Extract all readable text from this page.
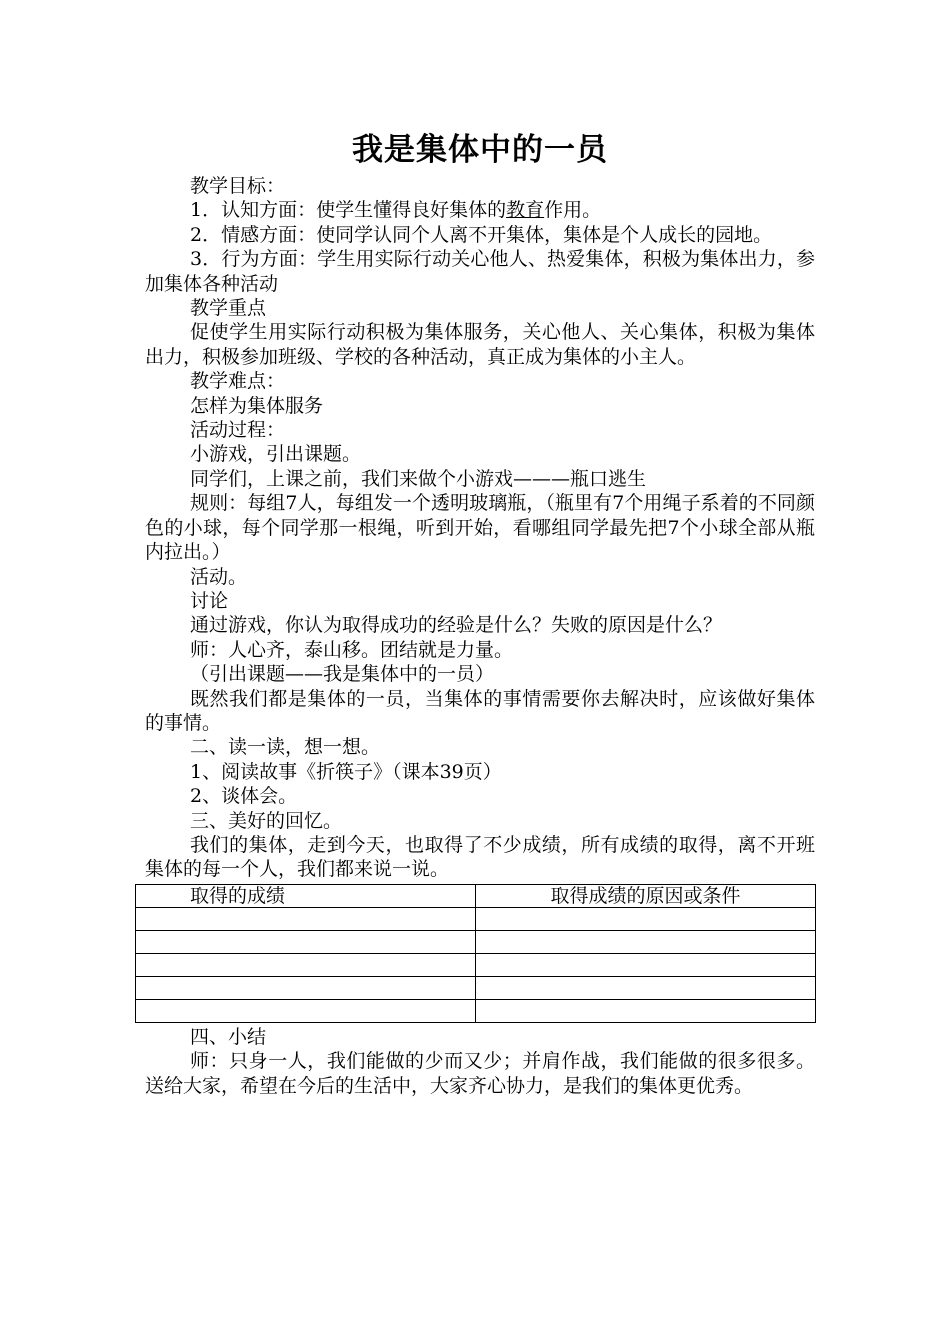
我是集体中的一员

教学目标：

1．认知方面：使学生懂得良好集体的教育作用。

2．情感方面：使同学认同个人离不开集体，集体是个人成长的园地。

3．行为方面：学生用实际行动关心他人、热爱集体，积极为集体出力，参加集体各种活动

教学重点

促使学生用实际行动积极为集体服务，关心他人、关心集体，积极为集体出力，积极参加班级、学校的各种活动，真正成为集体的小主人。

教学难点：

怎样为集体服务

活动过程：

小游戏，引出课题。

同学们，上课之前，我们来做个小游戏———瓶口逃生

规则：每组7人，每组发一个透明玻璃瓶，（瓶里有7个用绳子系着的不同颜色的小球，每个同学那一根绳，听到开始，看哪组同学最先把7个小球全部从瓶内拉出。）

活动。

讨论

通过游戏，你认为取得成功的经验是什么？失败的原因是什么？

师：人心齐，泰山移。团结就是力量。

（引出课题——我是集体中的一员）

既然我们都是集体的一员，当集体的事情需要你去解决时，应该做好集体的事情。

二、读一读，想一想。

1、阅读故事《折筷子》（课本39页）

2、谈体会。

三、美好的回忆。

我们的集体，走到今天，也取得了不少成绩，所有成绩的取得，离不开班集体的每一个人，我们都来说一说。

取得的成绩	取得成绩的原因或条件

四、小结

师：只身一人，我们能做的少而又少；并肩作战，我们能做的很多很多。送给大家，希望在今后的生活中，大家齐心协力，是我们的集体更优秀。
